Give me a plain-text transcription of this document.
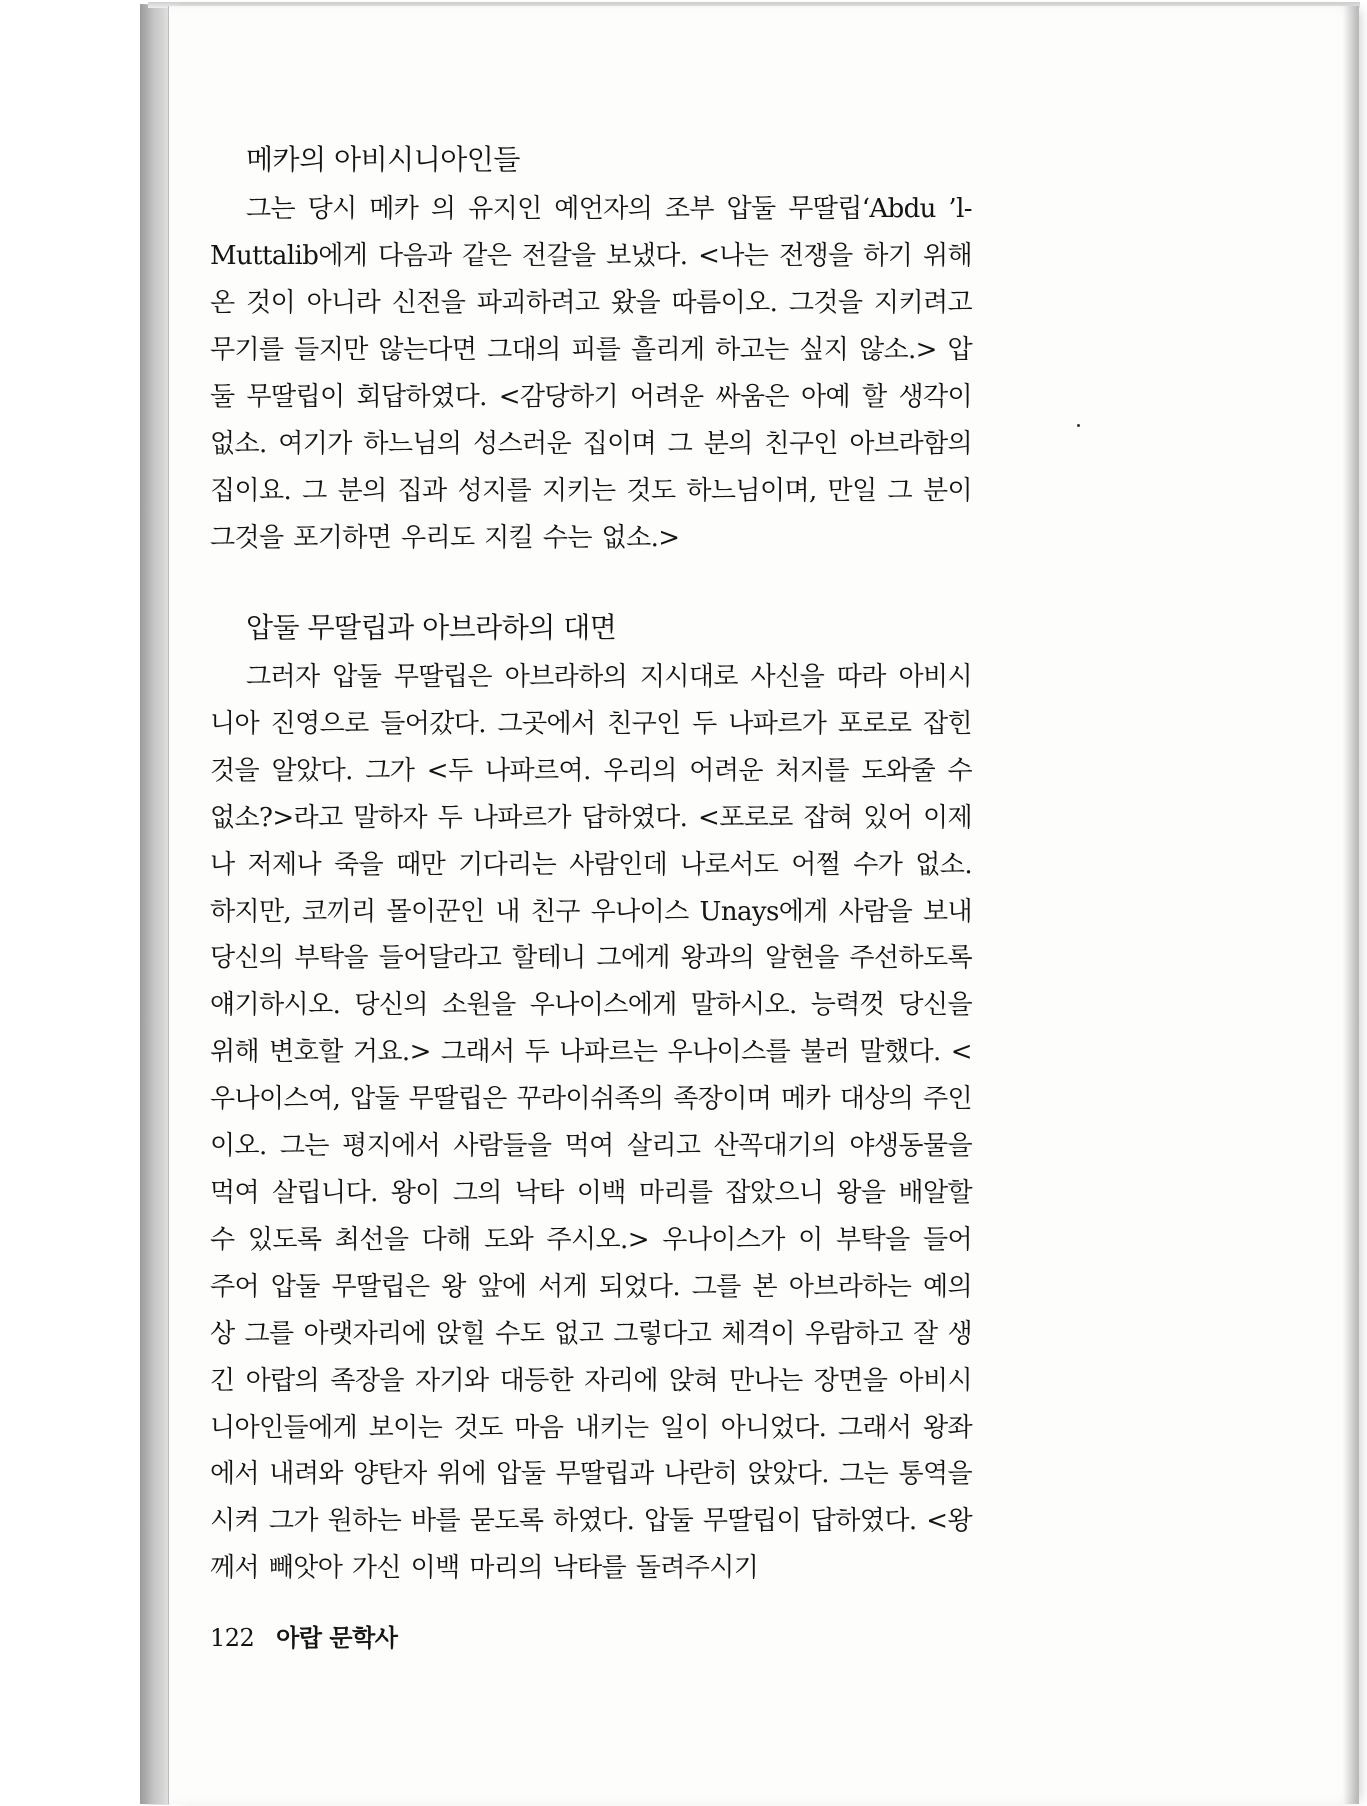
메카의 아비시니아인들

그는 당시 메카 의 유지인 예언자의 조부 압둘 무딸립‘Abdu ’l-Muttalib에게 다음과 같은 전갈을 보냈다. <나는 전쟁을 하기 위해 온 것이 아니라 신전을 파괴하려고 왔을 따름이오. 그것을 지키려고 무기를 들지만 않는다면 그대의 피를 흘리게 하고는 싶지 않소.> 압둘 무딸립이 회답하였다. <감당하기 어려운 싸움은 아예 할 생각이 없소. 여기가 하느님의 성스러운 집이며 그 분의 친구인 아브라함의 집이요. 그 분의 집과 성지를 지키는 것도 하느님이며, 만일 그 분이 그것을 포기하면 우리도 지킬 수는 없소.>

압둘 무딸립과 아브라하의 대면

그러자 압둘 무딸립은 아브라하의 지시대로 사신을 따라 아비시니아 진영으로 들어갔다. 그곳에서 친구인 두 나파르가 포로로 잡힌 것을 알았다. 그가 <두 나파르여. 우리의 어려운 처지를 도와줄 수 없소?>라고 말하자 두 나파르가 답하였다. <포로로 잡혀 있어 이제나 저제나 죽을 때만 기다리는 사람인데 나로서도 어쩔 수가 없소. 하지만, 코끼리 몰이꾼인 내 친구 우나이스 Unays에게 사람을 보내 당신의 부탁을 들어달라고 할테니 그에게 왕과의 알현을 주선하도록 얘기하시오. 당신의 소원을 우나이스에게 말하시오. 능력껏 당신을 위해 변호할 거요.> 그래서 두 나파르는 우나이스를 불러 말했다. <우나이스여, 압둘 무딸립은 꾸라이쉬족의 족장이며 메카 대상의 주인이오. 그는 평지에서 사람들을 먹여 살리고 산꼭대기의 야생동물을 먹여 살립니다. 왕이 그의 낙타 이백 마리를 잡았으니 왕을 배알할 수 있도록 최선을 다해 도와 주시오.> 우나이스가 이 부탁을 들어 주어 압둘 무딸립은 왕 앞에 서게 되었다. 그를 본 아브라하는 예의상 그를 아랫자리에 앉힐 수도 없고 그렇다고 체격이 우람하고 잘 생긴 아랍의 족장을 자기와 대등한 자리에 앉혀 만나는 장면을 아비시니아인들에게 보이는 것도 마음 내키는 일이 아니었다. 그래서 왕좌에서 내려와 양탄자 위에 압둘 무딸립과 나란히 앉았다. 그는 통역을 시켜 그가 원하는 바를 묻도록 하였다. 압둘 무딸립이 답하였다. <왕께서 빼앗아 가신 이백 마리의 낙타를 돌려주시기

122 아랍 문학사
